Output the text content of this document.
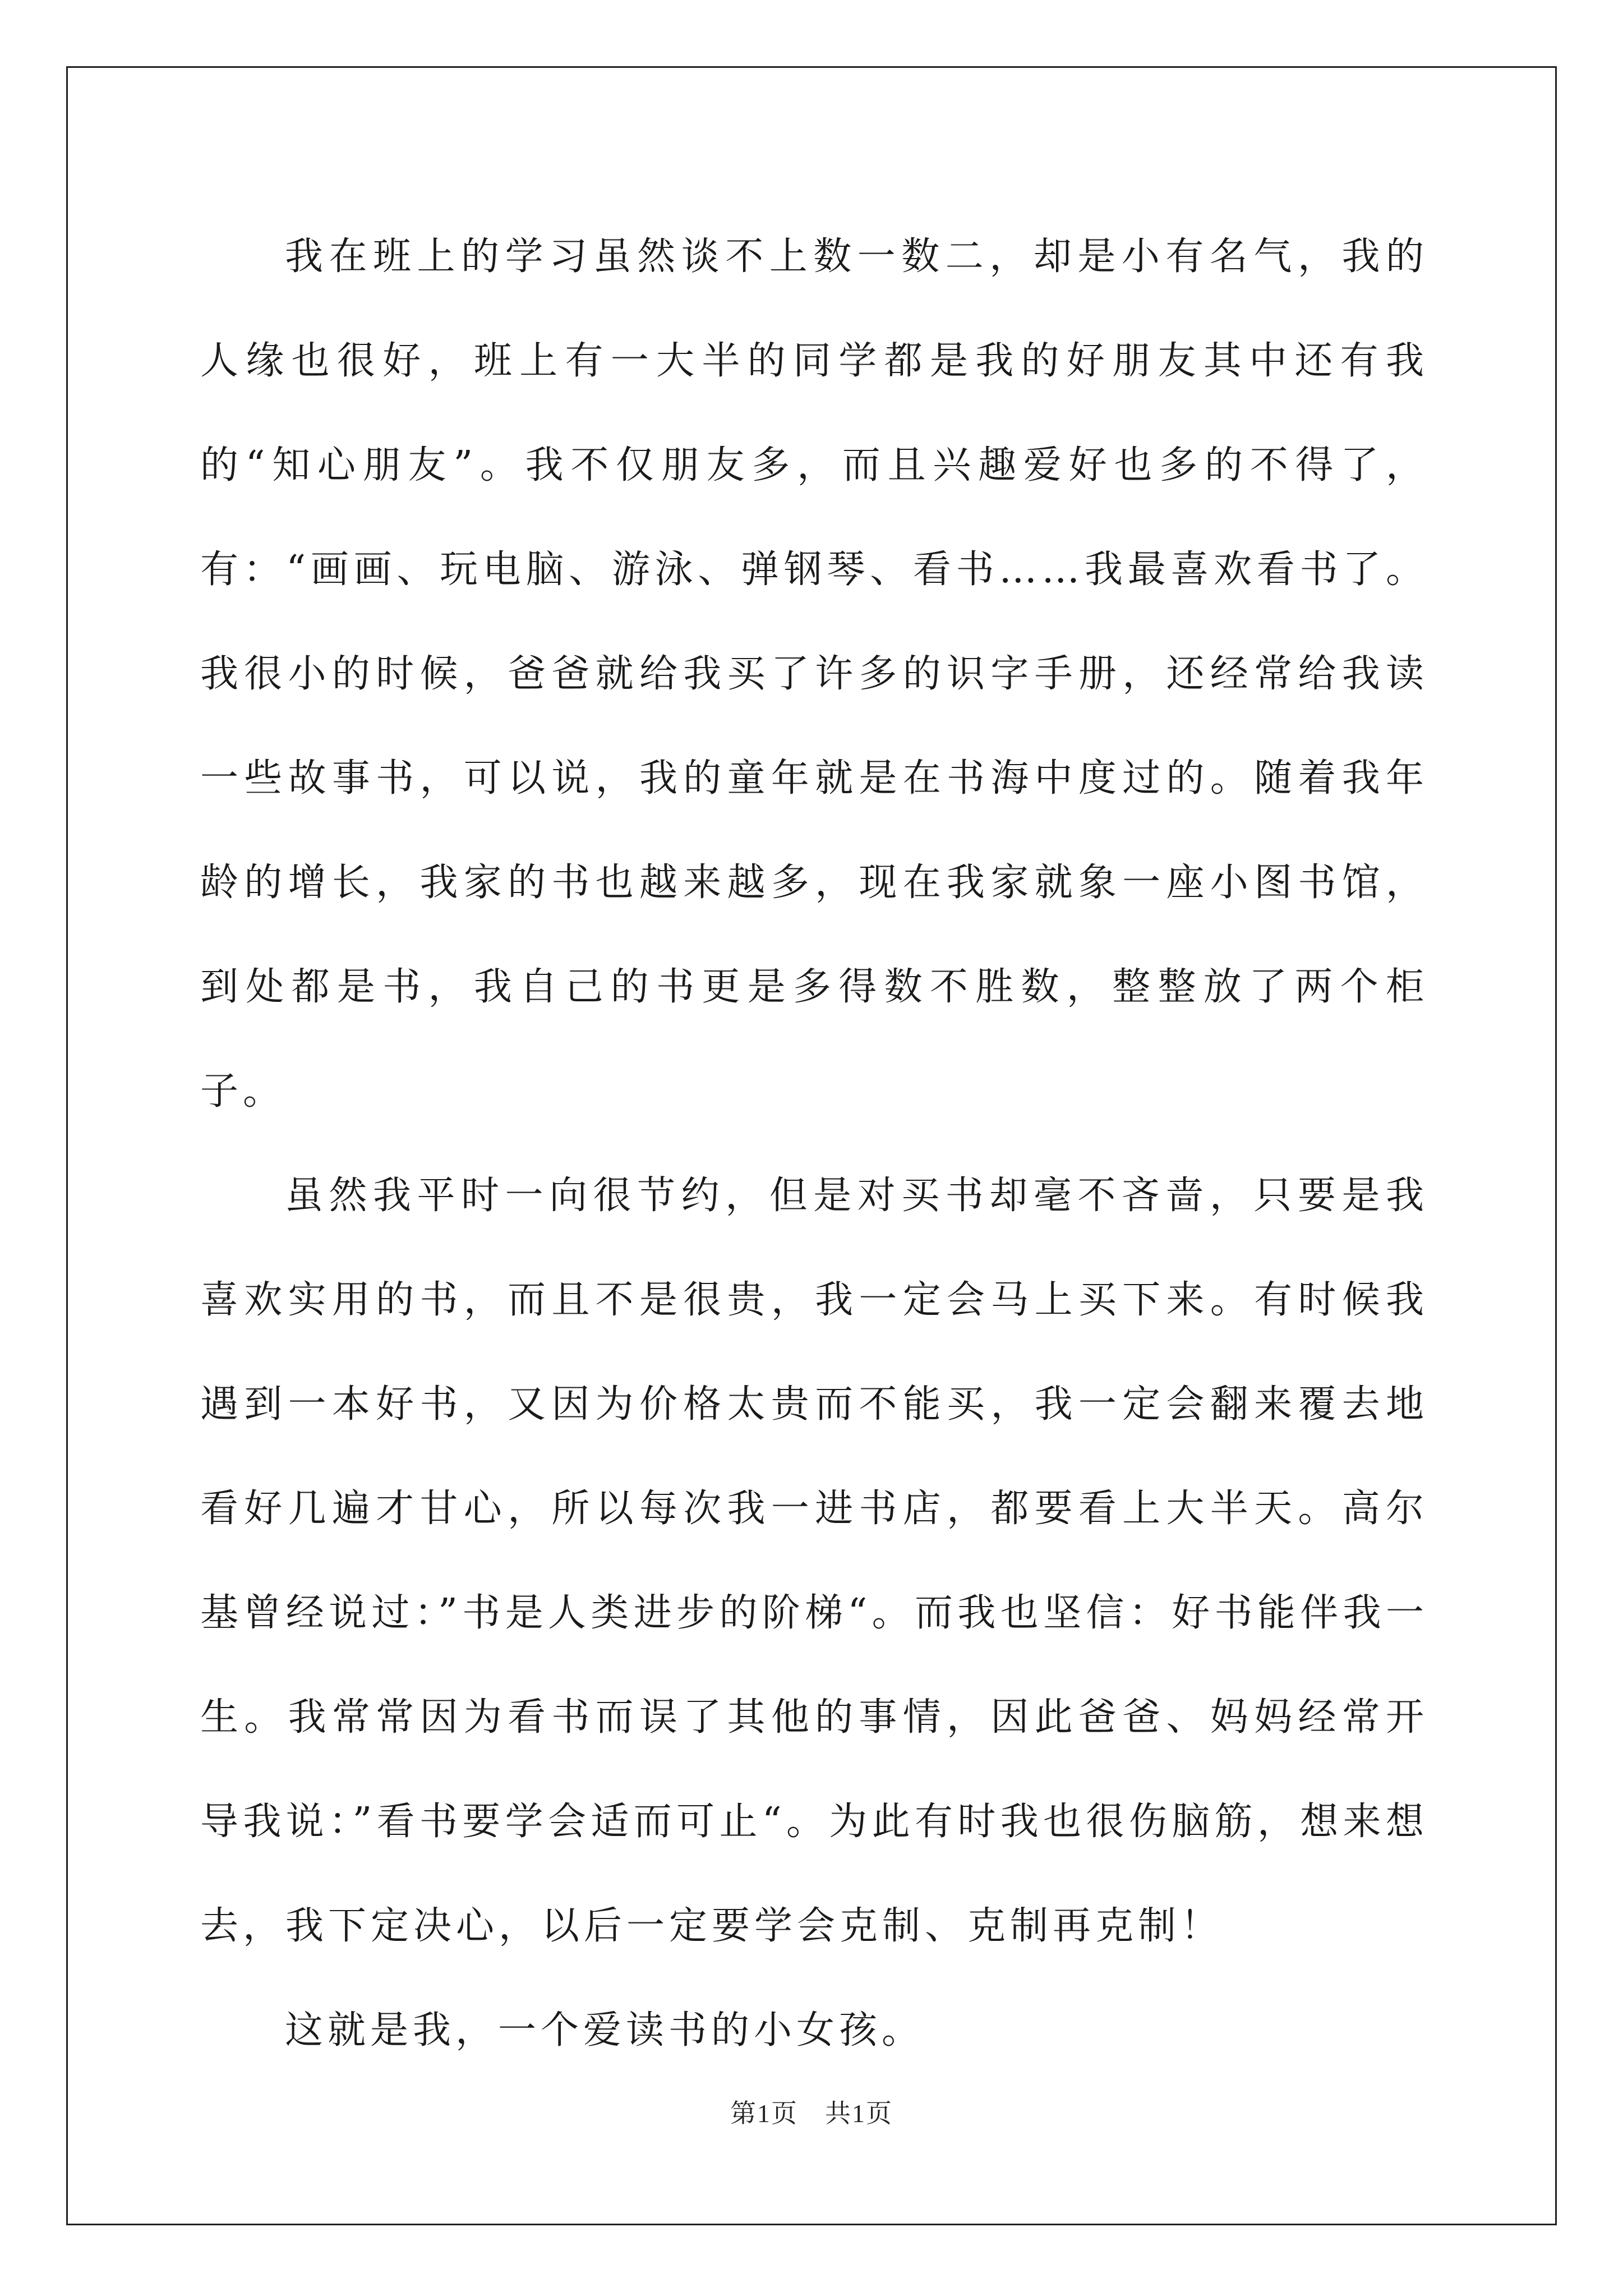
我在班上的学习虽然谈不上数一数二，却是小有名气，我的人缘也很好，班上有一大半的同学都是我的好朋友其中还有我的“知心朋友”。我不仅朋友多，而且兴趣爱好也多的不得了，有：“画画、玩电脑、游泳、弹钢琴、看书……我最喜欢看书了。我很小的时候，爸爸就给我买了许多的识字手册，还经常给我读一些故事书，可以说，我的童年就是在书海中度过的。随着我年龄的增长，我家的书也越来越多，现在我家就象一座小图书馆，到处都是书，我自己的书更是多得数不胜数，整整放了两个柜子。

虽然我平时一向很节约，但是对买书却毫不吝啬，只要是我喜欢实用的书，而且不是很贵，我一定会马上买下来。有时候我遇到一本好书，又因为价格太贵而不能买，我一定会翻来覆去地看好几遍才甘心，所以每次我一进书店，都要看上大半天。高尔基曾经说过：”书是人类进步的阶梯“。而我也坚信：好书能伴我一生。我常常因为看书而误了其他的事情，因此爸爸、妈妈经常开导我说：”看书要学会适而可止“。为此有时我也很伤脑筋，想来想去，我下定决心，以后一定要学会克制、克制再克制！

这就是我，一个爱读书的小女孩。

第1页 共1页
